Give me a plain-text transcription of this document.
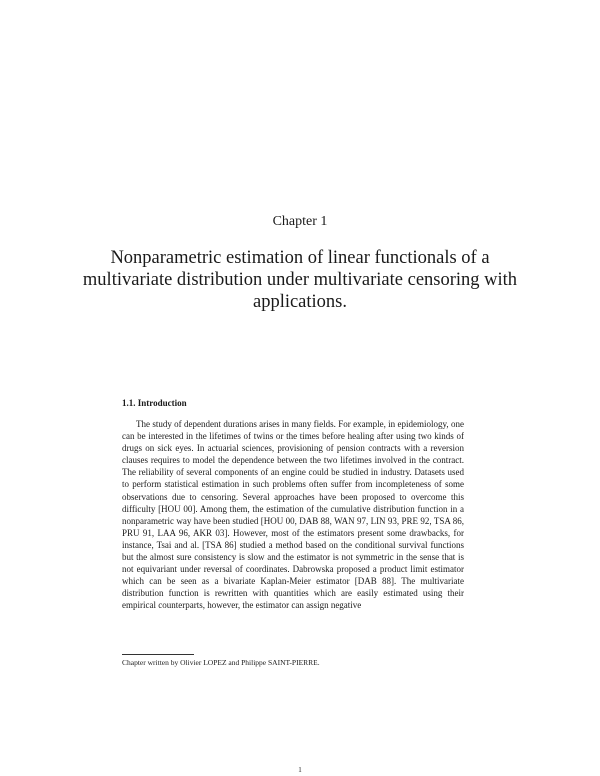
Chapter 1
Nonparametric estimation of linear functionals of a multivariate distribution under multivariate censoring with applications.
1.1. Introduction

The study of dependent durations arises in many fields. For example, in epidemiology, one can be interested in the lifetimes of twins or the times before healing after using two kinds of drugs on sick eyes. In actuarial sciences, provisioning of pension contracts with a reversion clauses requires to model the dependence between the two lifetimes involved in the contract. The reliability of several components of an engine could be studied in industry. Datasets used to perform statistical estimation in such problems often suffer from incompleteness of some observations due to censoring. Several approaches have been proposed to overcome this difficulty [HOU 00]. Among them, the estimation of the cumulative distribution function in a nonparametric way have been studied [HOU 00, DAB 88, WAN 97, LIN 93, PRE 92, TSA 86, PRU 91, LAA 96, AKR 03]. However, most of the estimators present some drawbacks, for instance, Tsai and al. [TSA 86] studied a method based on the conditional survival functions but the almost sure consistency is slow and the estimator is not symmetric in the sense that is not equivariant under reversal of coordinates. Dabrowska proposed a product limit estimator which can be seen as a bivariate Kaplan-Meier estimator [DAB 88]. The multivariate distribution function is rewritten with quantities which are easily estimated using their empirical counterparts, however, the estimator can assign negative

Chapter written by Olivier LOPEZ and Philippe SAINT-PIERRE.
1
